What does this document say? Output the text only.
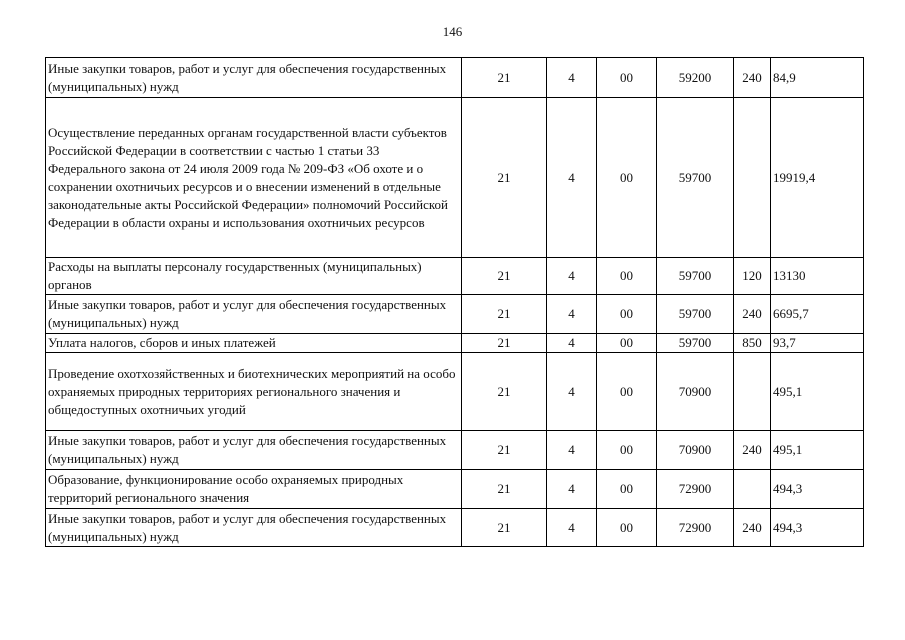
146
Иные закупки товаров, работ и услуг для обеспечения государственных (муниципальных) нужд	21	4	00	59200	240	84,9
Осуществление переданных органам государственной власти субъектов Российской Федерации в соответствии с частью 1 статьи 33 Федерального закона от 24 июля 2009 года № 209-ФЗ «Об охоте и о сохранении охотничьих ресурсов и о внесении изменений в отдельные законодательные акты Российской Федерации» полномочий Российской Федерации в области охраны и использования охотничьих ресурсов	21	4	00	59700		19919,4
Расходы на выплаты персоналу государственных (муниципальных) органов	21	4	00	59700	120	13130
Иные закупки товаров, работ и услуг для обеспечения государственных (муниципальных) нужд	21	4	00	59700	240	6695,7
Уплата налогов, сборов и иных платежей	21	4	00	59700	850	93,7
Проведение охотхозяйственных и биотехнических мероприятий на особо охраняемых природных территориях регионального значения и общедоступных охотничьих угодий	21	4	00	70900		495,1
Иные закупки товаров, работ и услуг для обеспечения государственных (муниципальных) нужд	21	4	00	70900	240	495,1
Образование, функционирование особо охраняемых природных территорий регионального значения	21	4	00	72900		494,3
Иные закупки товаров, работ и услуг для обеспечения государственных (муниципальных) нужд	21	4	00	72900	240	494,3
